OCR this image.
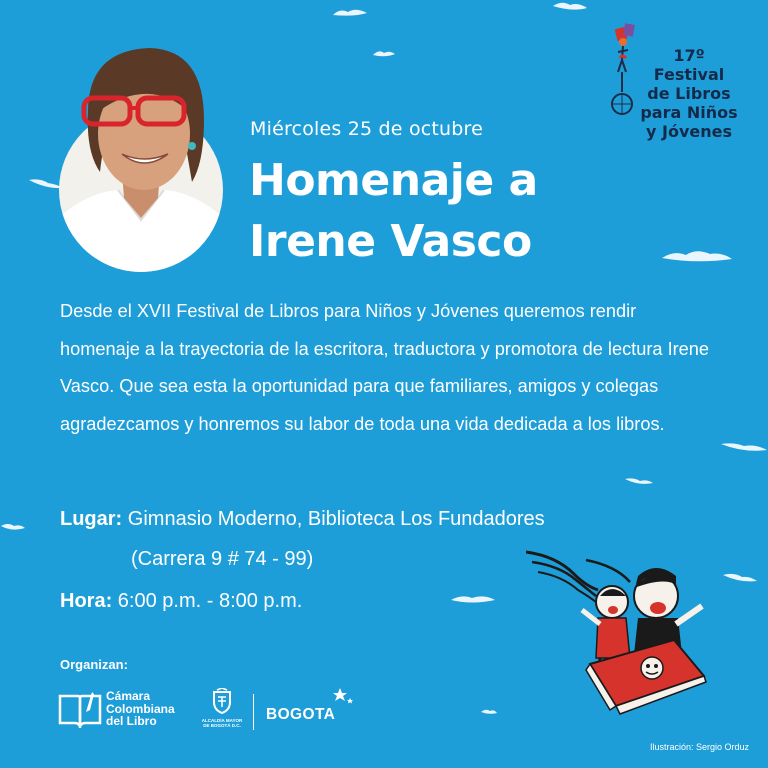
Miércoles 25 de octubre
Homenaje a
Irene Vasco
17º
Festival
de Libros
para Niños
y Jóvenes

Desde el XVII Festival de Libros para Niños y Jóvenes queremos rendir homenaje a la trayectoria de la escritora, traductora y promotora de lectura Irene Vasco. Que sea esta la oportunidad para que familiares, amigos y colegas agradezcamos y honremos su labor de toda una vida dedicada a los libros.

Lugar: Gimnasio Moderno, Biblioteca Los Fundadores
(Carrera 9 # 74 - 99)
Hora: 6:00 p.m. - 8:00 p.m.
Organizan:
Cámara
Colombiana
del Libro	ALCALDÍA MAYOR
DE BOGOTÁ D.C.
BOGOTA
Ilustración: Sergio Orduz
